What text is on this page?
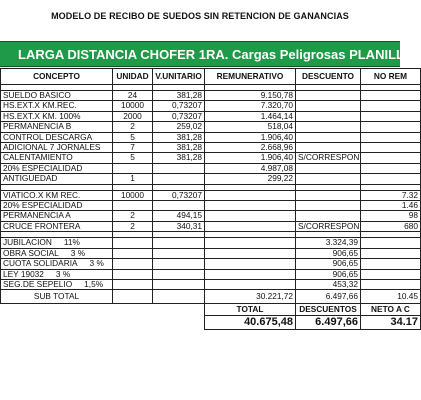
MODELO DE RECIBO DE SUEDOS SIN RETENCION DE GANANCIAS
LARGA DISTANCIA CHOFER 1RA. Cargas Peligrosas PLANILLA
CONCEPTO	UNIDAD	V.UNITARIO	REMUNERATIVO	DESCUENTO	NO REM

SUELDO BASICO	24	381,28	9.150,78		
HS.EXT.X KM.REC.	10000	0,73207	7.320,70		
HS.EXT.X KM. 100%	2000	0,73207	1.464,14		
PERMANENCIA B	2	259,02	518,04		
CONTROL DESCARGA	5	381,28	1.906,40		
ADICIONAL 7 JORNALES	7	381,28	2.668,96		
CALENTAMIENTO	5	381,28	1.906,40	S/CORRESPON	
20% ESPECIALIDAD			4.987,08		
ANTIGUEDAD	1		299,22		

VIATICO.X KM REC.	10000	0,73207			7.32
20% ESPECIALIDAD					1.46
PERMANENCIA A	2	494,15			98
CRUCE FRONTERA	2	340,31		S/CORRESPON	680

JUBILACION 11%				3.324,39	
OBRA SOCIAL 3 %				906,65	
CUOTA SOLIDARIA 3 %				906,65	
LEY 19032 3 %				906,65	
SEG.DE SEPELIO 1,5%				453,32	
SUB TOTAL			30.221,72	6.497,66	10.45
			TOTAL	DESCUENTOS	NETO A C
			40.675,48	6.497,66	34.17
